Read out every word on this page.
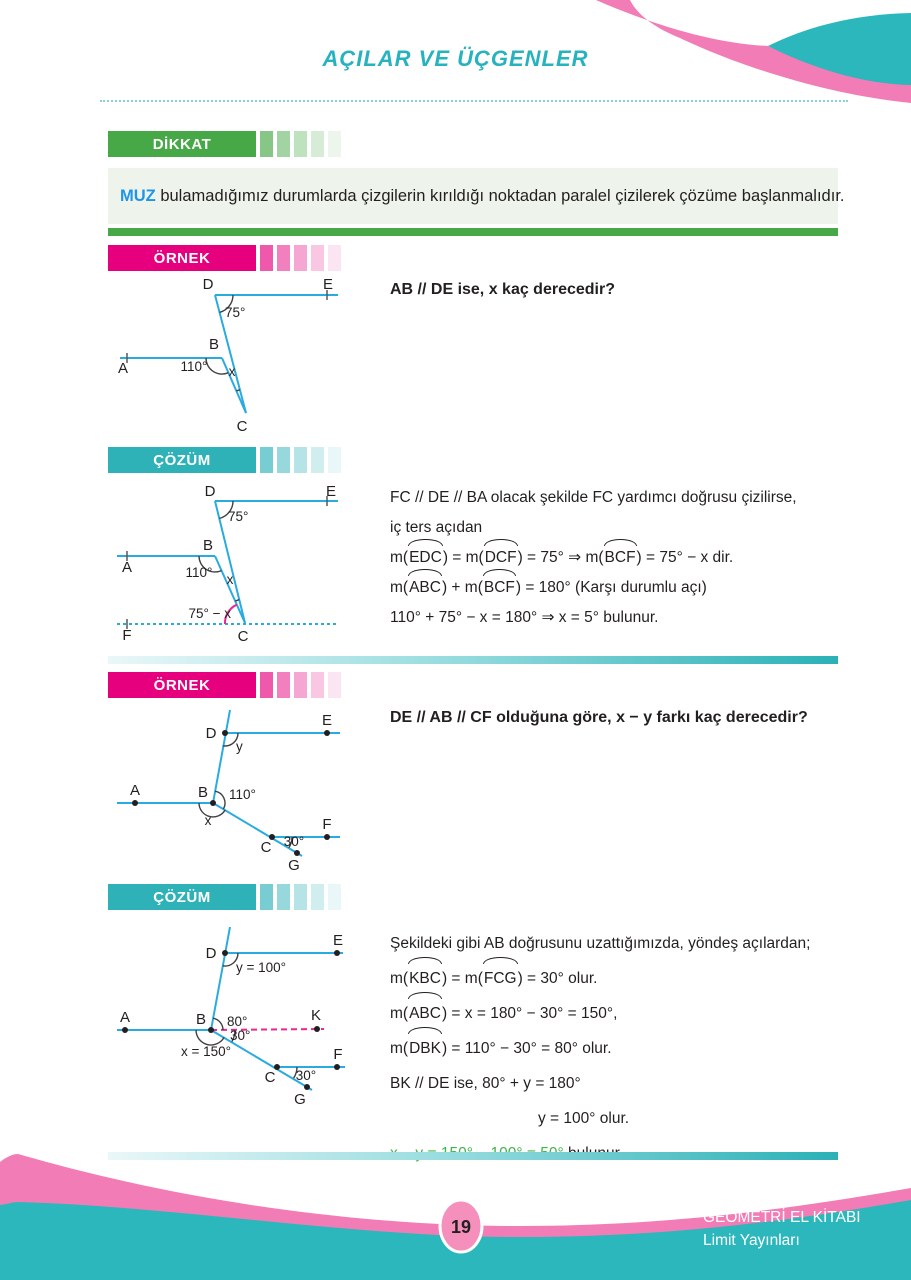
AÇILAR VE ÜÇGENLER
DİKKAT
MUZ bulamadığımız durumlarda çizgilerin kırıldığı noktadan paralel çizilerek çözüme başlanmalıdır.
ÖRNEK
A
B
C
D	E
75°
110° x
AB // DE ise, x kaç derecedir?
ÇÖZÜM
A
B
C
D	E
F
75°
110° x
75° − x
FC // DE // BA olacak şekilde FC yardımcı doğrusu çizilirse,
iç ters açıdan
m(EDC) = m(DCF) = 75° ⇒ m(BCF) = 75° − x dir.
m(ABC) + m(BCF) = 180° (Karşı durumlu açı)
110° + 75° − x = 180° ⇒ x = 5° bulunur.
ÖRNEK
A	B
C
D
E
F
G
y
110°
x
30°
DE // AB // CF olduğuna göre, x − y farkı kaç derecedir?
ÇÖZÜM
A	B
C
D
E
F
G
K
y = 100°
80°
30°
x = 150°
30°
Şekildeki gibi AB doğrusunu uzattığımızda, yöndeş açılardan;
m(KBC) = m(FCG) = 30° olur.
m(ABC) = x = 180° − 30° = 150°,
m(DBK) = 110° − 30° = 80° olur.
BK // DE ise, 80° + y = 180°
y = 100° olur.
19	GEOMETRİ EL KİTABI
Limit Yayınları
